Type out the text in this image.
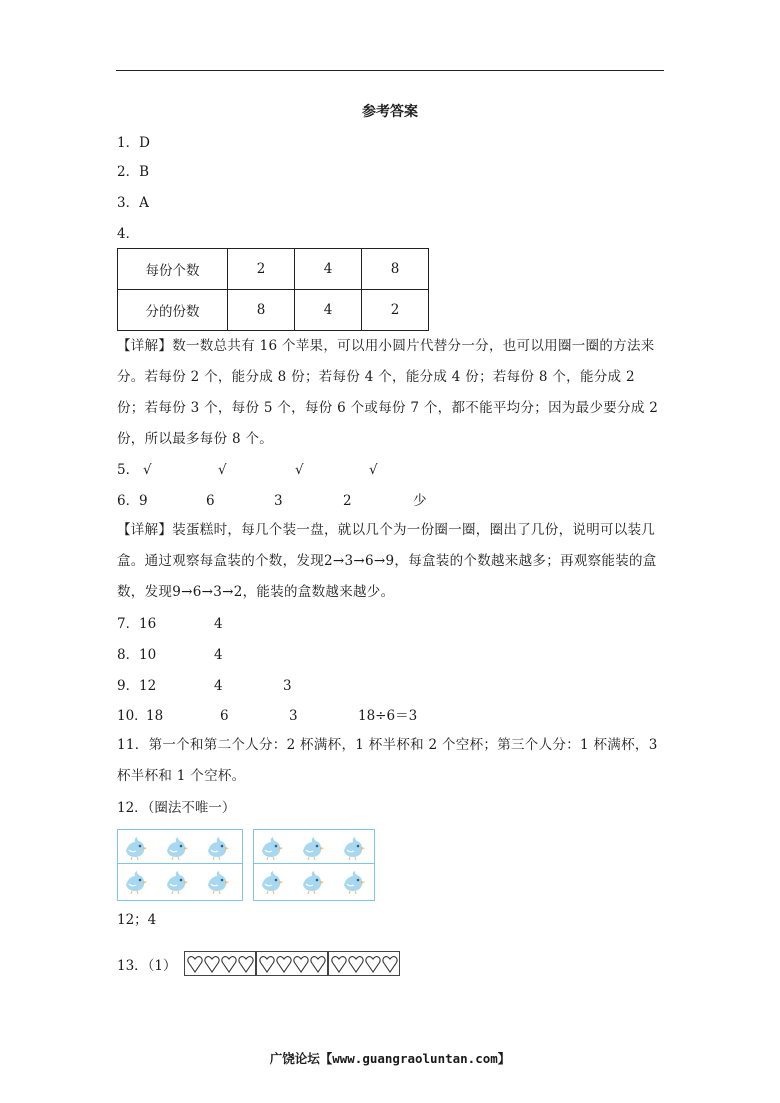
参考答案
1．D
2．B
3．A
4．
每份个数	2	4	8
分的份数	8	4	2
【详解】数一数总共有 16 个苹果，可以用小圆片代替分一分，也可以用圈一圈的方法来分。若每份 2 个，能分成 8 份；若每份 4 个，能分成 4 份；若每份 8 个，能分成 2 份；若每份 3 个，每份 5 个，每份 6 个或每份 7 个，都不能平均分；因为最少要分成 2 份，所以最多每份 8 个。
5． √	√	√	√
6． 9	6	3	2	少
【详解】装蛋糕时，每几个装一盘，就以几个为一份圈一圈，圈出了几份，说明可以装几盒。通过观察每盒装的个数，发现2→3→6→9，每盒装的个数越来越多；再观察能装的盒数，发现9→6→3→2，能装的盒数越来越少。
7． 16	4
8． 10	4
9． 12	4	3
10．
18	6	3	18÷6＝3
11．第一个和第二个人分：2 杯满杯，1 杯半杯和 2 个空杯；第三个人分：1 杯满杯，3 杯半杯和 1 个空杯。
12．（圈法不唯一）
12；4
13．（1）
广饶论坛【www.guangraoluntan.com】
